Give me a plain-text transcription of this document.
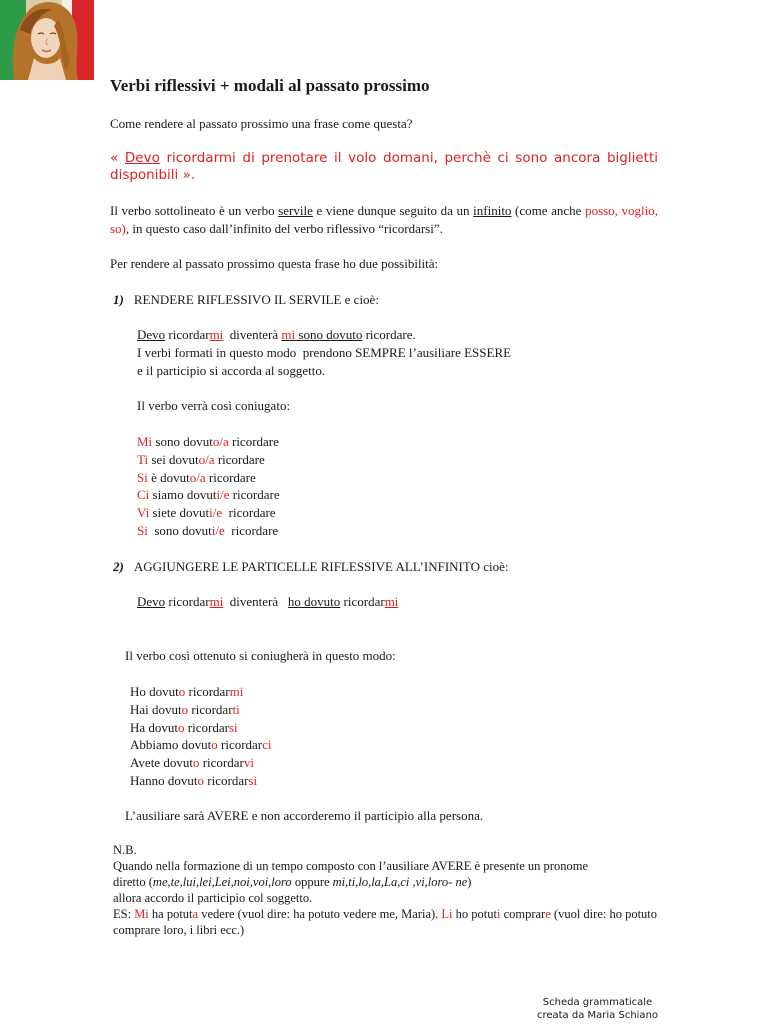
Verbi riflessivi + modali al passato prossimo

Come rendere al passato prossimo una frase come questa?

« Devo ricordarmi di prenotare il volo domani, perchè ci sono ancora biglietti disponibili ».

Il verbo sottolineato è un verbo servile e viene dunque seguito da un infinito (come anche posso, voglio, so), in questo caso dall’infinito del verbo riflessivo “ricordarsi”.

Per rendere al passato prossimo questa frase ho due possibilità:

1) RENDERE RIFLESSIVO IL SERVILE e cioè:

Devo ricordarmi  diventerà mi sono dovuto ricordare.
I verbi formati in questo modo  prendono SEMPRE l’ausiliare ESSERE
e il participio si accorda al soggetto.

Il verbo verrà così coniugato:

Mi sono dovuto/a ricordare
Ti sei dovuto/a ricordare
Si è dovuto/a ricordare
Ci siamo dovuti/e ricordare
Vi siete dovuti/e  ricordare
Si  sono dovuti/e  ricordare

2) AGGIUNGERE LE PARTICELLE RIFLESSIVE ALL’INFINITO cioè:

Devo ricordarmi  diventerà   ho dovuto ricordarmi

Il verbo così ottenuto si coniugherà in questo modo:

Ho dovuto ricordarmi
Hai dovuto ricordarti
Ha dovuto ricordarsi
Abbiamo dovuto ricordarci
Avete dovuto ricordarvi
Hanno dovuto ricordarsi

L’ausiliare sarà AVERE e non accorderemo il participio alla persona.

N.B.
Quando nella formazione di un tempo composto con l’ausiliare AVERE è presente un pronome
diretto (me,te,lui,lei,Lei,noi,voi,loro oppure mi,ti,lo,la,La,ci ,vi,loro- ne)
allora accordo il participio col soggetto.
ES: Mi ha potuta vedere (vuol dire: ha potuto vedere me, Maria). Li ho potuti comprare (vuol dire: ho potuto comprare loro, i libri ecc.)
Scheda grammaticale
creata da Maria Schiano
